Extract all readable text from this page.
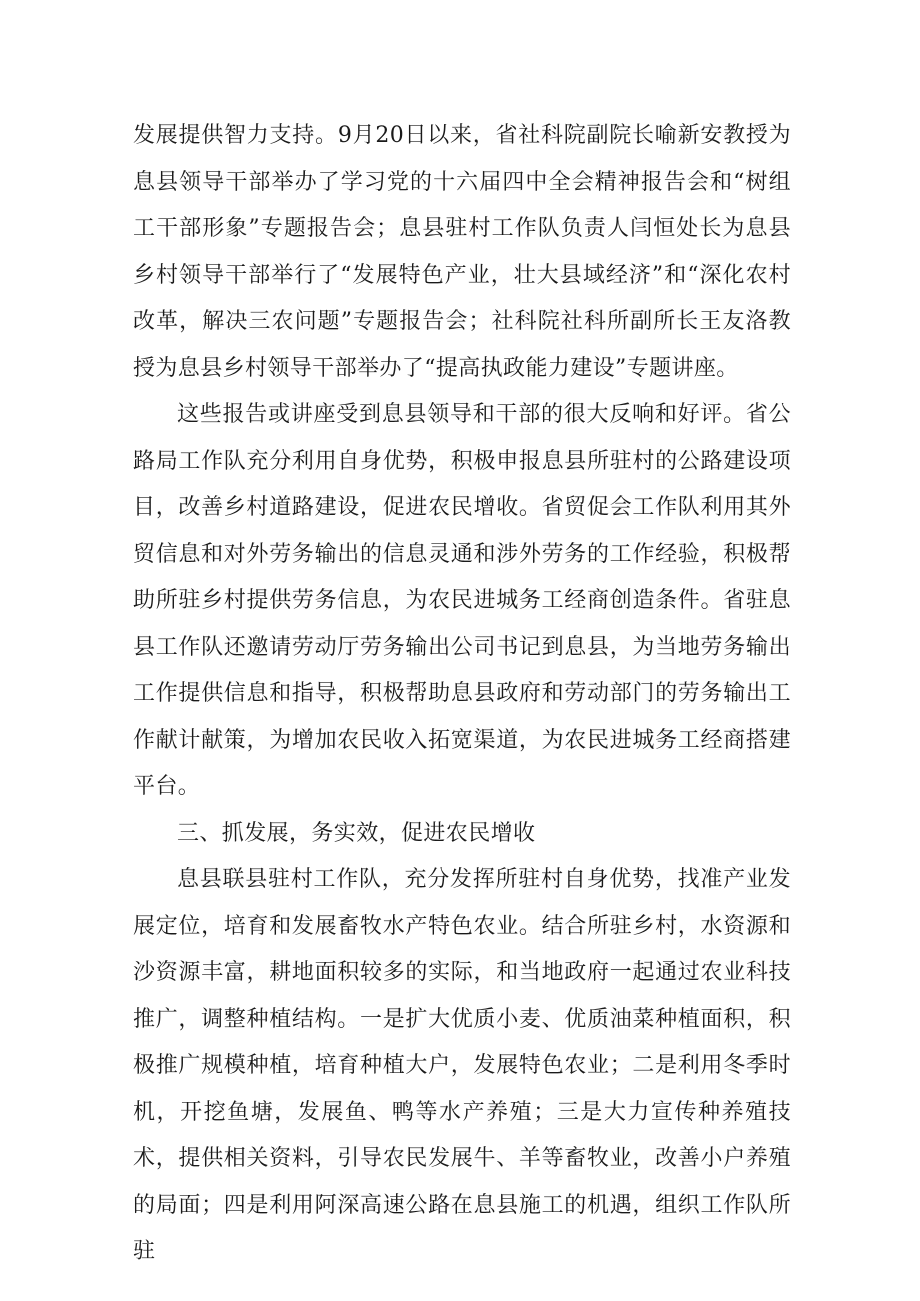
发展提供智力支持。9月20日以来，省社科院副院长喻新安教授为息县领导干部举办了学习党的十六届四中全会精神报告会和“树组工干部形象”专题报告会；息县驻村工作队负责人闫恒处长为息县乡村领导干部举行了“发展特色产业，壮大县域经济”和“深化农村改革，解决三农问题”专题报告会；社科院社科所副所长王友洛教授为息县乡村领导干部举办了“提高执政能力建设”专题讲座。

这些报告或讲座受到息县领导和干部的很大反响和好评。省公路局工作队充分利用自身优势，积极申报息县所驻村的公路建设项目，改善乡村道路建设，促进农民增收。省贸促会工作队利用其外贸信息和对外劳务输出的信息灵通和涉外劳务的工作经验，积极帮助所驻乡村提供劳务信息，为农民进城务工经商创造条件。省驻息县工作队还邀请劳动厅劳务输出公司书记到息县，为当地劳务输出工作提供信息和指导，积极帮助息县政府和劳动部门的劳务输出工作献计献策，为增加农民收入拓宽渠道，为农民进城务工经商搭建平台。

三、抓发展，务实效，促进农民增收

息县联县驻村工作队，充分发挥所驻村自身优势，找准产业发展定位，培育和发展畜牧水产特色农业。结合所驻乡村，水资源和沙资源丰富，耕地面积较多的实际，和当地政府一起通过农业科技推广，调整种植结构。一是扩大优质小麦、优质油菜种植面积，积极推广规模种植，培育种植大户，发展特色农业；二是利用冬季时机，开挖鱼塘，发展鱼、鸭等水产养殖；三是大力宣传种养殖技术，提供相关资料，引导农民发展牛、羊等畜牧业，改善小户养殖的局面；四是利用阿深高速公路在息县施工的机遇，组织工作队所驻
